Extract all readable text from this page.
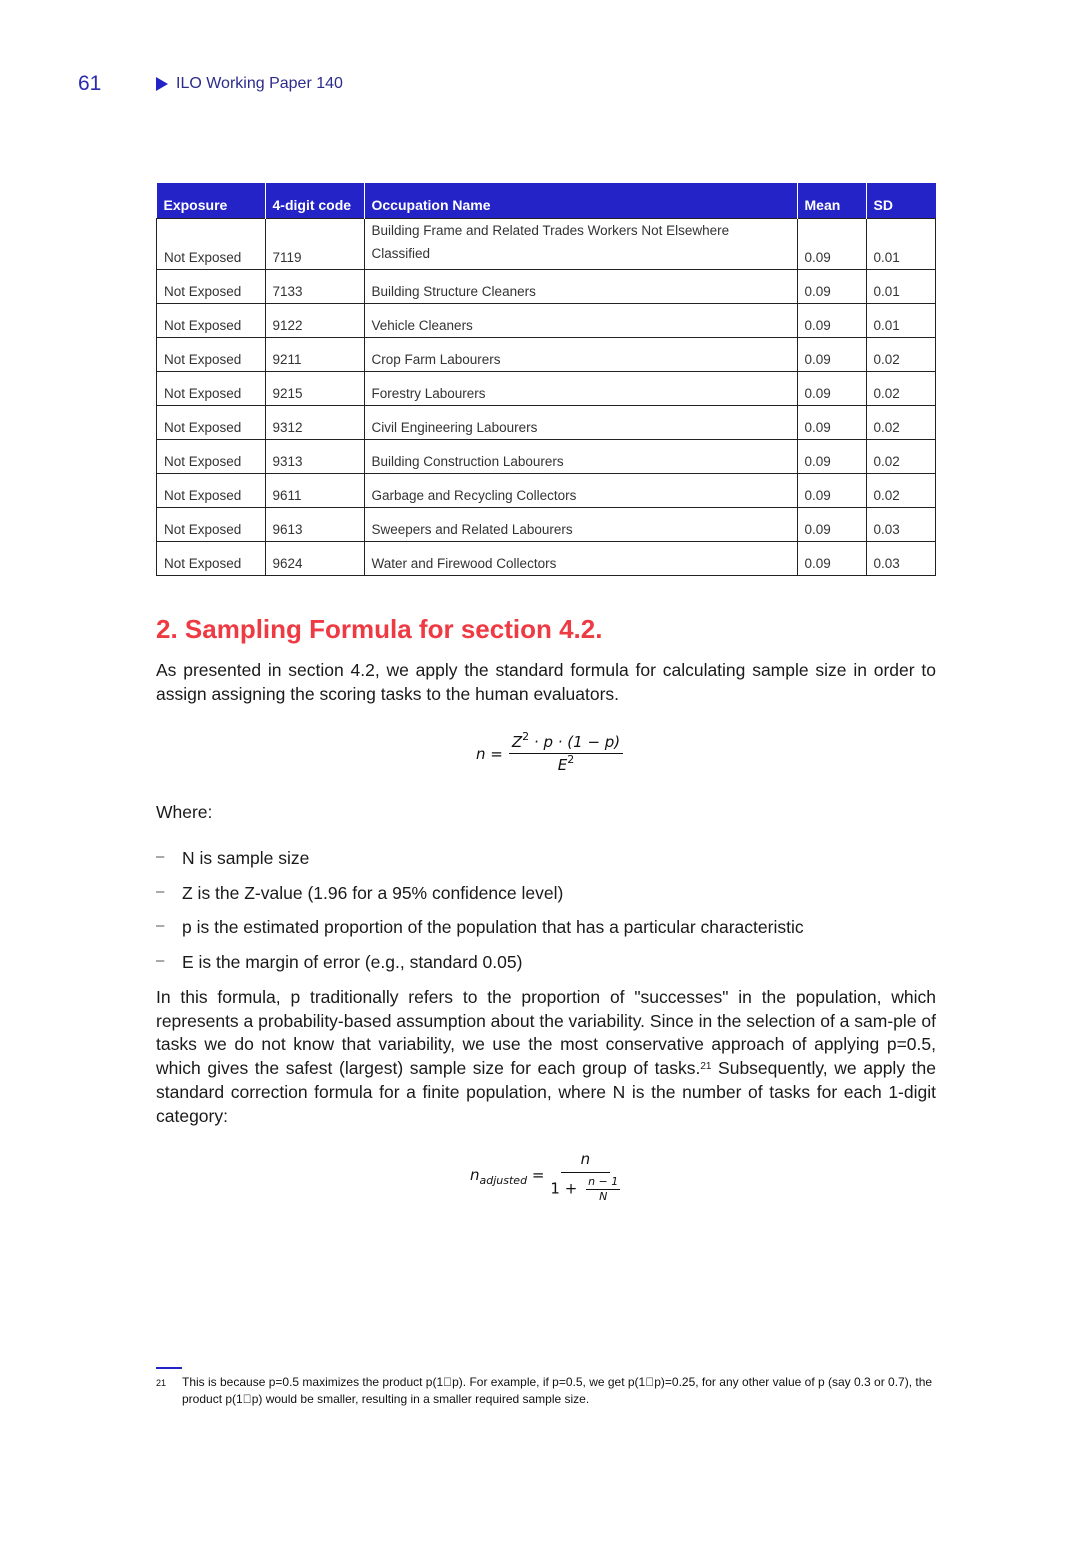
61	ILO Working Paper 140
Exposure	4-digit code	Occupation Name	Mean	SD
Not Exposed	7119	Building Frame and Related Trades Workers Not Elsewhere Classified	0.09	0.01
Not Exposed	7133	Building Structure Cleaners	0.09	0.01
Not Exposed	9122	Vehicle Cleaners	0.09	0.01
Not Exposed	9211	Crop Farm Labourers	0.09	0.02
Not Exposed	9215	Forestry Labourers	0.09	0.02
Not Exposed	9312	Civil Engineering Labourers	0.09	0.02
Not Exposed	9313	Building Construction Labourers	0.09	0.02
Not Exposed	9611	Garbage and Recycling Collectors	0.09	0.02
Not Exposed	9613	Sweepers and Related Labourers	0.09	0.03
Not Exposed	9624	Water and Firewood Collectors	0.09	0.03
2. Sampling Formula for section 4.2.
As presented in section 4.2, we apply the standard formula for calculating sample size in order to assign assigning the scoring tasks to the human evaluators.
$n = \frac{Z^2 \cdot p \cdot (1 - p)}{E^2}$
Where:
–	N is sample size
–	Z is the Z-value (1.96 for a 95% confidence level)
–	p is the estimated proportion of the population that has a particular characteristic
–	E is the margin of error (e.g., standard 0.05)
In this formula, p traditionally refers to the proportion of "successes" in the population, which represents a probability-based assumption about the variability. Since in the selection of a sam-ple of tasks we do not know that variability, we use the most conservative approach of applying p=0.5, which gives the safest (largest) sample size for each group of tasks.$^{21}$ Subsequently, we apply the standard correction formula for a finite population, where N is the number of tasks for each 1-digit category:
$n_{adjusted} = \frac{n}{1 + \frac{n - 1}{N}}$
21	This is because p=0.5 maximizes the product p(1 p). For example, if p=0.5, we get p(1 p)=0.25, for any other value of p (say 0.3 or 0.7), the product p(1 p) would be smaller, resulting in a smaller required sample size.
